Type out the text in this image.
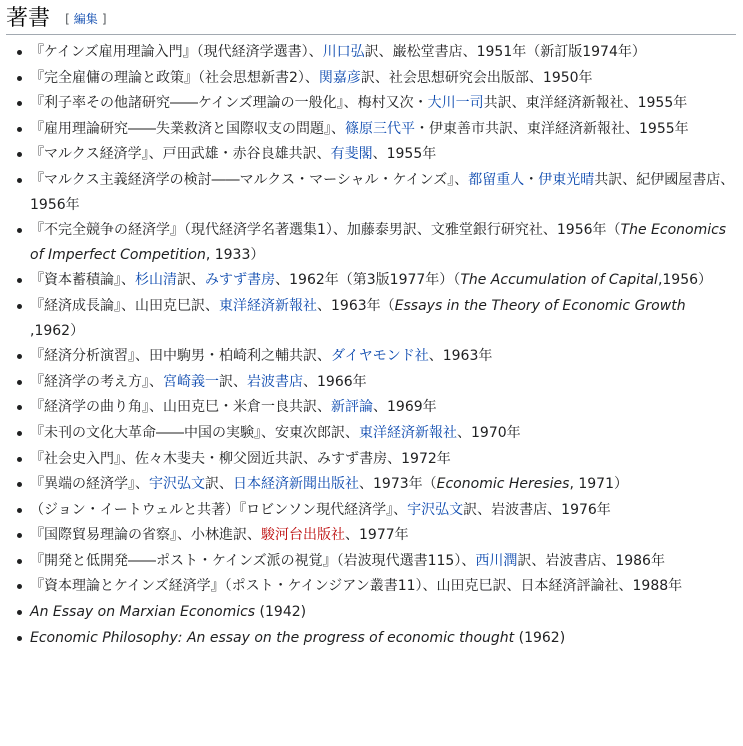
著書 [ 編集 ]
『ケインズ雇用理論入門』（現代経済学選書）、川口弘訳、巌松堂書店、1951年（新訂版1974年）
『完全雇傭の理論と政策』（社会思想新書2）、関嘉彦訳、社会思想研究会出版部、1950年
『利子率その他諸研究――ケインズ理論の一般化』、梅村又次・大川一司共訳、東洋経済新報社、1955年
『雇用理論研究――失業救済と国際収支の問題』、篠原三代平・伊東善市共訳、東洋経済新報社、1955年
『マルクス経済学』、戸田武雄・赤谷良雄共訳、有斐閣、1955年
『マルクス主義経済学の検討――マルクス・マーシャル・ケインズ』、都留重人・伊東光晴共訳、紀伊國屋書店、1956年
『不完全競争の経済学』（現代経済学名著選集1）、加藤泰男訳、文雅堂銀行研究社、1956年（The Economics of Imperfect Competition, 1933）
『資本蓄積論』、杉山清訳、みすず書房、1962年（第3版1977年）（The Accumulation of Capital,1956）
『経済成長論』、山田克巳訳、東洋経済新報社、1963年（Essays in the Theory of Economic Growth ,1962）
『経済分析演習』、田中駒男・柏崎利之輔共訳、ダイヤモンド社、1963年
『経済学の考え方』、宮崎義一訳、岩波書店、1966年
『経済学の曲り角』、山田克巳・米倉一良共訳、新評論、1969年
『未刊の文化大革命――中国の実験』、安東次郎訳、東洋経済新報社、1970年
『社会史入門』、佐々木斐夫・柳父圀近共訳、みすず書房、1972年
『異端の経済学』、宇沢弘文訳、日本経済新聞出版社、1973年（Economic Heresies, 1971）
（ジョン・イートウェルと共著）『ロビンソン現代経済学』、宇沢弘文訳、岩波書店、1976年
『国際貿易理論の省察』、小林進訳、駿河台出版社、1977年
『開発と低開発――ポスト・ケインズ派の視覚』（岩波現代選書115）、西川潤訳、岩波書店、1986年
『資本理論とケインズ経済学』（ポスト・ケインジアン叢書11）、山田克巳訳、日本経済評論社、1988年
An Essay on Marxian Economics (1942)
Economic Philosophy: An essay on the progress of economic thought (1962)
